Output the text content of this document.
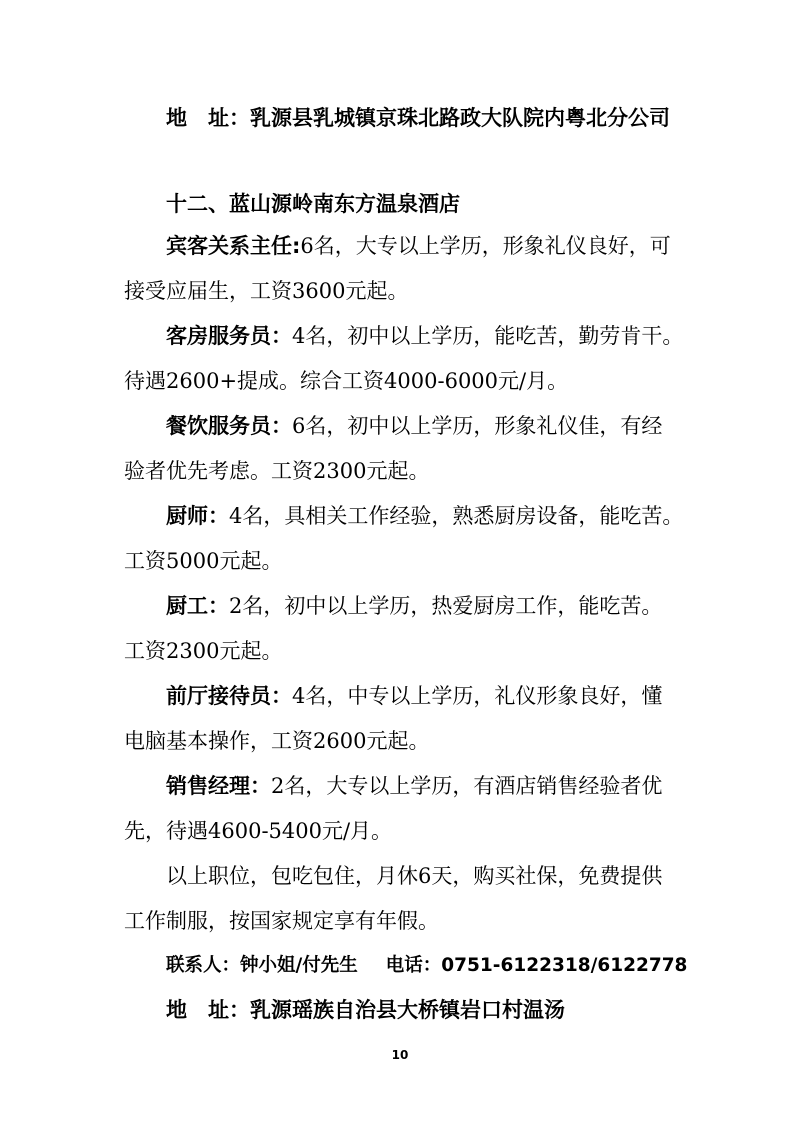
地　址：乳源县乳城镇京珠北路政大队院内粤北分公司
十二、蓝山源岭南东方温泉酒店
宾客关系主任:6名，大专以上学历，形象礼仪良好，可
接受应届生，工资3600元起。
客房服务员：4名，初中以上学历，能吃苦，勤劳肯干。
待遇2600+提成。综合工资4000-6000元/月。
餐饮服务员：6名，初中以上学历，形象礼仪佳，有经
验者优先考虑。工资2300元起。
厨师：4名，具相关工作经验，熟悉厨房设备，能吃苦。
工资5000元起。
厨工：2名，初中以上学历，热爱厨房工作，能吃苦。
工资2300元起。
前厅接待员：4名，中专以上学历，礼仪形象良好，懂
电脑基本操作，工资2600元起。
销售经理：2名，大专以上学历，有酒店销售经验者优
先，待遇4600-5400元/月。
以上职位，包吃包住，月休6天，购买社保，免费提供
工作制服，按国家规定享有年假。
联系人：钟小姐/付先生 电话：0751-6122318/6122778
地　址：乳源瑶族自治县大桥镇岩口村温汤
10
